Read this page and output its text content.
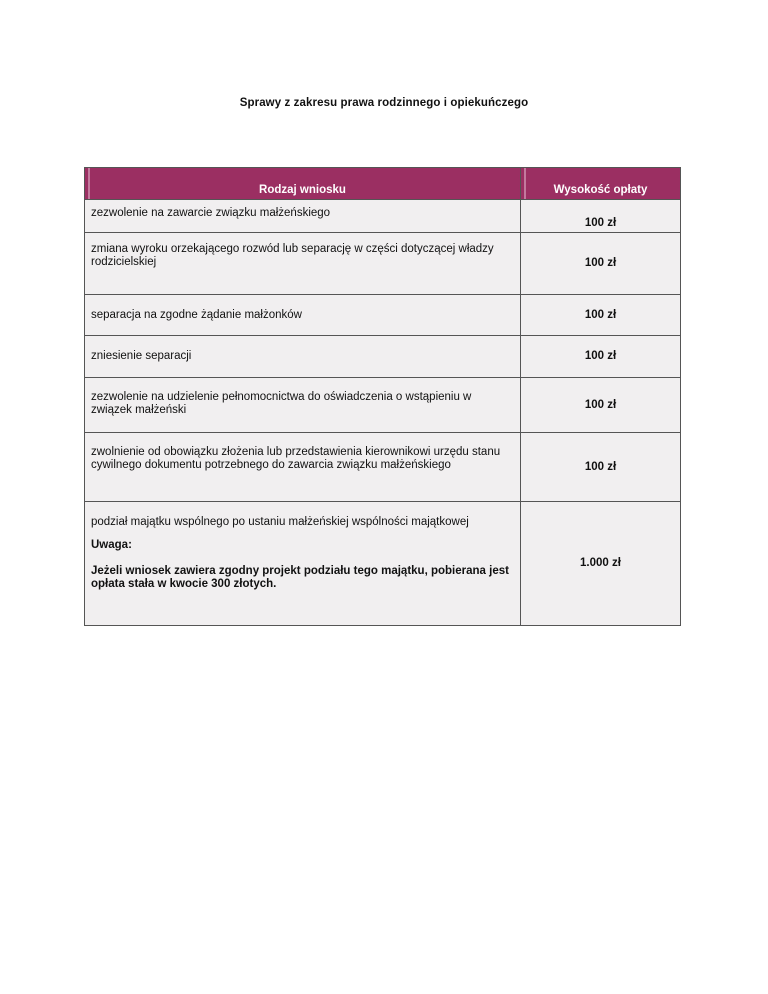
Sprawy z zakresu prawa rodzinnego i opiekuńczego
Rodzaj wniosku	Wysokość opłaty
zezwolenie na zawarcie związku małżeńskiego	100 zł
zmiana wyroku orzekającego rozwód lub separację w części dotyczącej władzy rodzicielskiej	100 zł
separacja na zgodne żądanie małżonków	100 zł
zniesienie separacji	100 zł
zezwolenie na udzielenie pełnomocnictwa do oświadczenia o wstąpieniu w związek małżeński	100 zł
zwolnienie od obowiązku złożenia lub przedstawienia kierownikowi urzędu stanu cywilnego dokumentu potrzebnego do zawarcia związku małżeńskiego	100 zł
podział majątku wspólnego po ustaniu małżeńskiej wspólności majątkowej
Uwaga:
Jeżeli wniosek zawiera zgodny projekt podziału tego majątku, pobierana jest opłata stała w kwocie 300 złotych.	1.000 zł
